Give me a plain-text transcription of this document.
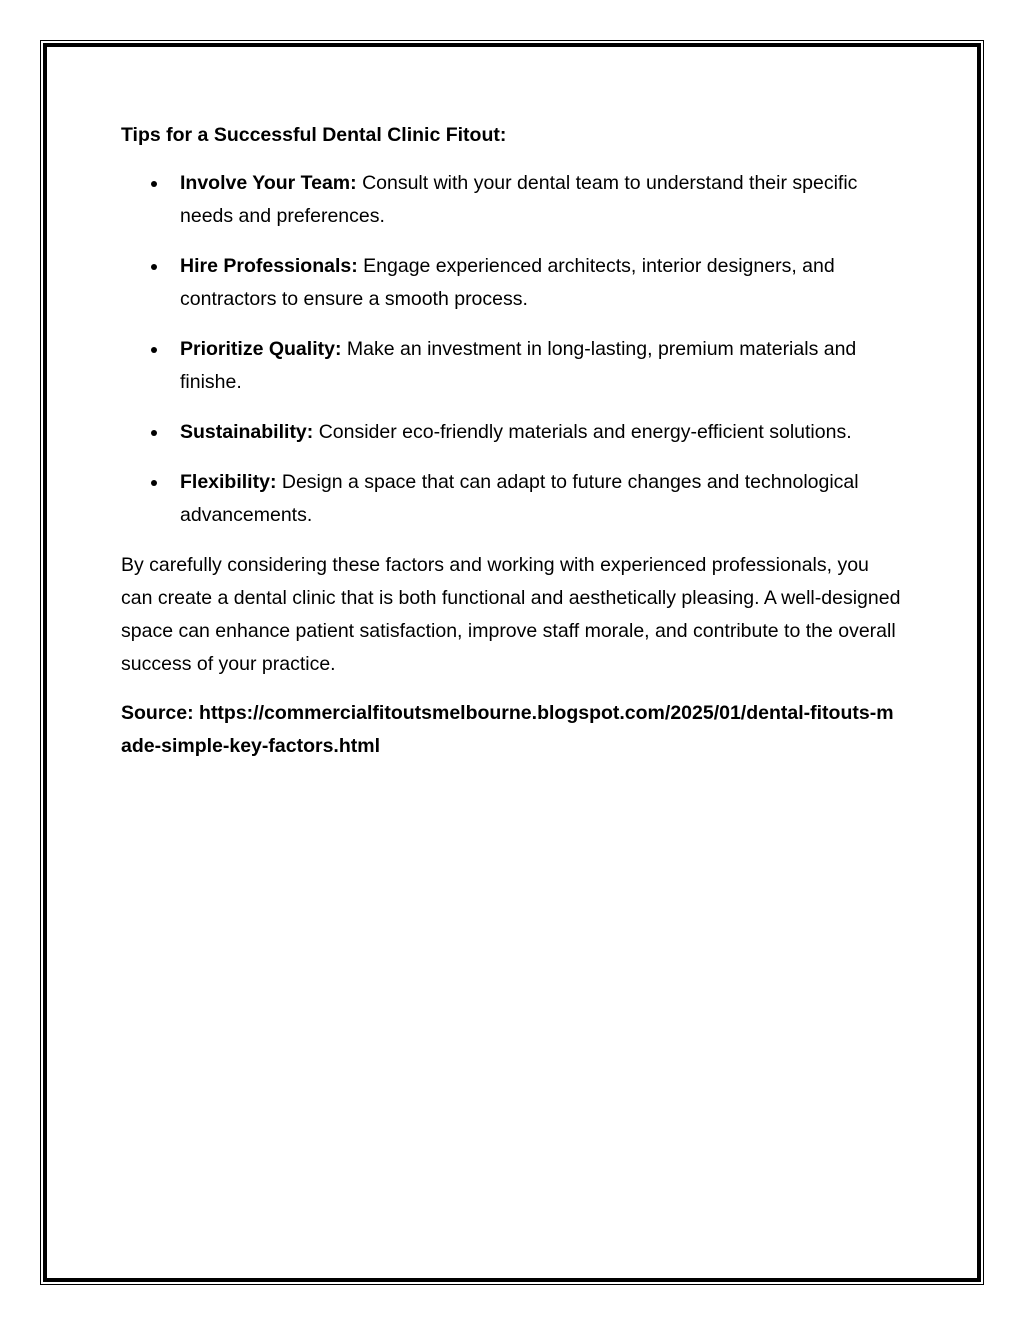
Tips for a Successful Dental Clinic Fitout:

Involve Your Team: Consult with your dental team to understand their specific needs and preferences.
Hire Professionals: Engage experienced architects, interior designers, and contractors to ensure a smooth process.
Prioritize Quality: Make an investment in long-lasting, premium materials and finishe.
Sustainability: Consider eco-friendly materials and energy-efficient solutions.
Flexibility: Design a space that can adapt to future changes and technological advancements.

By carefully considering these factors and working with experienced professionals, you can create a dental clinic that is both functional and aesthetically pleasing. A well-designed space can enhance patient satisfaction, improve staff morale, and contribute to the overall success of your practice.

Source: https://commercialfitoutsmelbourne.blogspot.com/2025/01/dental-fitouts-made-simple-key-factors.html
